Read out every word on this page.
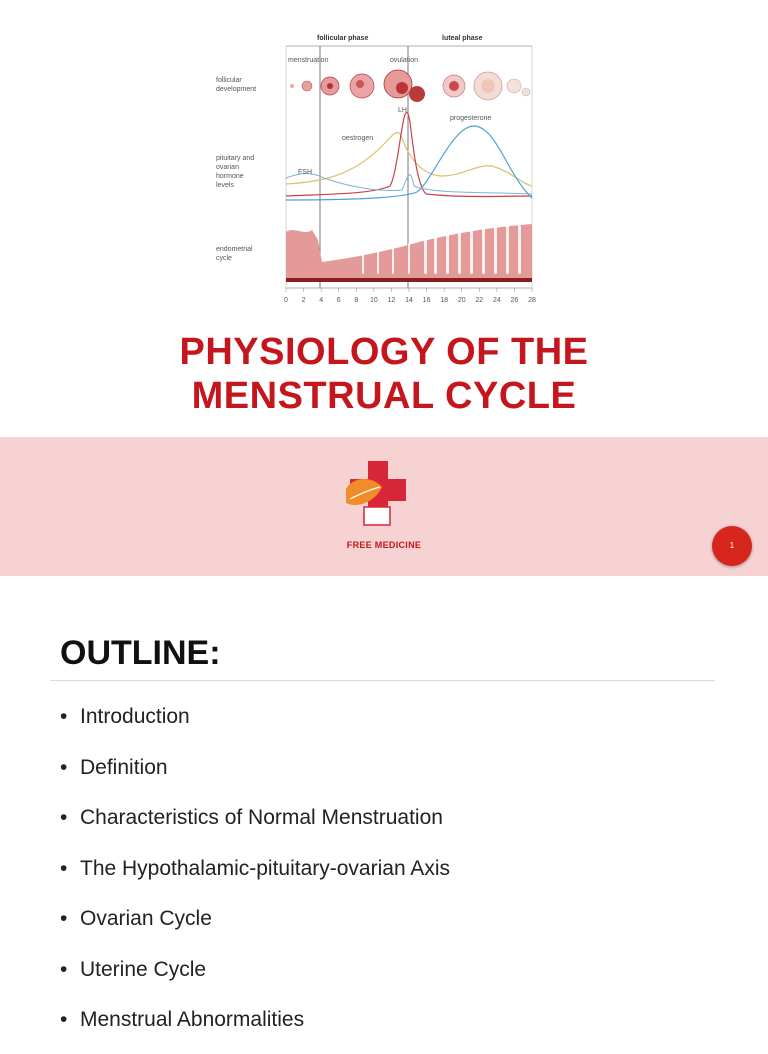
follicular phase	luteal phase
menstruation	ovulation
follicular
development
pituitary and
ovarian
hormone
levels
endometrial
cycle
LH
oestrogen
progesterone
FSH
0 2 4 6 8 10 12 14 16 18 20 22 24 26 28
PHYSIOLOGY OF THE
MENSTRUAL CYCLE
FREE MEDICINE	1
OUTLINE:
• Introduction
• Definition
• Characteristics of Normal Menstruation
• The Hypothalamic-pituitary-ovarian Axis
• Ovarian Cycle
• Uterine Cycle
• Menstrual Abnormalities
